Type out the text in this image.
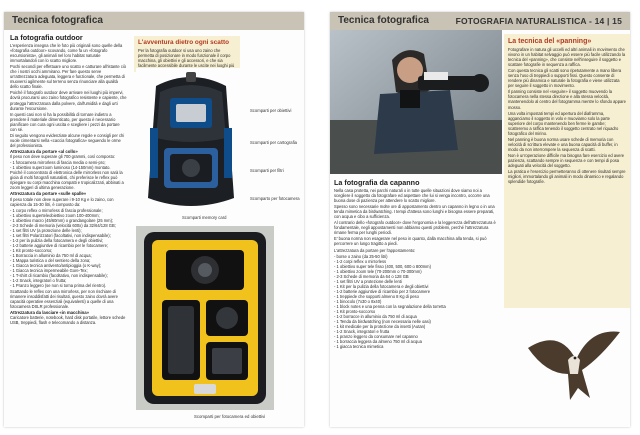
Tecnica fotografica
La fotografia outdoor

L'esperienza insegna che le foto più originali sono quelle della «fotografia outdoor» scovando, come fa un «fotografo escursionista», gli animali nel loro habitat naturale immortalandoli con lo scatto migliore.

Pochi secondi per effettuare uno scatto e catturare all'istante ciò che i nostri occhi ammirano. Per fare questo serve un'attrezzatura adeguata, leggera e funzionale, che permetta di muoversi agilmente sul terreno senza rinunciare alla qualità dello scatto finale.

Poiché il fotografo outdoor deve arrivare nei luoghi più impervi, dovrà procurarsi uno zaino fotografico resistente e capiente, che protegga l'attrezzatura dalla polvere, dall'umidità e dagli urti durante l'escursione.

In questi casi non si ha la possibilità di tornare indietro a prendere il materiale dimenticato, per questo è necessario pianificare con cura ogni uscita e scegliere i pezzi da portare con sé.

Di seguito vengono evidenziate alcune regole e consigli per chi vuole cimentarsi nella «caccia fotografica» seguendo le orme del professionista.

Attrezzatura da portare «al collo»

Il peso non deve superare gli 700 grammi, così composto:

- 1 fotocamera mirrorless di fascia media o semi-pro;
- 1 obiettivo superzoom luminoso (14-150mm) montato.

Poiché il concentrato di elettronica delle mirrorless non sarà la gioia di molti fotografi naturalisti, chi preferisce le reflex può ripiegare su corpi macchina compatti e tropicalizzati, abbinati a zoom leggeri di ultima generazione.

Attrezzatura da portare «sulle spalle»

Il peso totale non deve superare i 9-10 Kg e lo zaino, con capienza da 15-30 litri, è composto da:

- 1 corpo reflex o mirrorless di fascia professionale;
- 1 obiettivo superteleobiettivo zoom 100-400mm;
- 1 obiettivo macro (45/60mm) o grandangolare (25 mm);
- 2-3 Schede di memoria (velocità 600x) da 32/64/128 GB;
- 1 set filtri UV (a protezione delle lenti);
- 1 set filtri Polarizzatori (facoltativi, non indispensabile);
- 1-2 per la pulizia della fotocamera e degli obiettivi;
- 1-2 batterie aggiuntive di ricambio per le fotocamere;
- 1 Kit pronto-soccorso;
- 1 Borraccia in alluminio da 750 ml di acqua;
- 1 Mappa turistica o del sentiero della zona;
- 1 Giacca tecnica antivento/antipioggia (o K-way);
- 1 Giacca tecnica impermeabile Gore-Tex;
- 1 T-shirt di ricambio (facoltativo, non indispensabile);
- 1-2 Snack, integratori o frutta;
- 1 Pranzo leggero (se non si torna prima del rientro).

Scattando le reflex con una mirrorless, per non rischiare di rimanere insoddisfatti dei risultati, questo zaino dovrà avere capacità operative essenziali (equivalenti) a quelle di una fotocamera DSLR professionale.

Attrezzatura da lasciare «in macchina»

Caricatore batterie, notebook, hard disk portatile, lettore schede USB, treppiedi, flash e telecomando a distanza.

L'avventura dietro ogni scatto
Per la fotografia outdoor si usa uno zaino che permetta di posizionare in modo funzionale il corpo macchina, gli obiettivi e gli accessori, e che sia facilmente accessibile durante le uscite nei luoghi più
Scomparti per obiettivi
Scomparti per cartografia
Scomparti per filtri
Scomparto per fotocamera
Scomparti memory card
Scomparti per fotocamera ed obiettivi
Tecnica fotografica	FOTOGRAFIA NATURALISTICA - 14 | 15
La fotografia da capanno

Nella casa protetta, nei parchi naturali o in tutte quelle situazioni dove siamo noi a scegliere il soggetto da fotografare ed aspettare che lui si venga incontro, occorre una buona dose di pazienza per attendere lo scatto migliore.

Spesso sono necessarie molte ore di appostamento dentro un capanno in legno o in una tenda mimetica da birdwatching. I tempi d'attesa sono lunghi e bisogna essere preparati, con acqua e cibo a sufficienza.

Al contrario dello «fotografo outdoor» dove l'ergonomia e la leggerezza dell'attrezzatura è fondamentale, negli appostamenti non abbiamo questi problemi, perché l'attrezzatura rimane ferma per lunghi periodi.

E' buona norma non esagerare nel peso in quanto, dalla macchina alla tenda, si può percorrere un lungo tragitto a piedi.

L'attrezzatura da portare per l'appostamento:

- borse o zaino (da 25-50 litri)
- 1-2 corpi reflex o mirrorless
- 1 obiettivo super tele fisso (400, 500, 600 o 800mm)
- 1 obiettivo zoom tele (70-200mm o 70-300mm)
- 2-3 Schede di memoria da 64 o 128 GB
- 1 set filtri UV a protezione delle lenti
- 1 Kit per la pulizia della fotocamera e degli obiettivi
- 1-2 batterie aggiuntive di ricambio per 2 fotocamere
- 1 treppiede che sopporti almeno 8 Kg di peso
- 1 binocolo (7x30 o 8x40)
- 1 block notes e una penna con la segnalazione della torretta
- 1 Kit pronto-soccorso
- 1-2 borracce in alluminio da 750 ml di acqua
- 1 Tenda da birdwatching (non necessaria nelle oasi)
- 1 kit medicale per la protezione da insetti (Autan)
- 1-2 Snack, integratori e frutta
- 1 pranzo leggero da consumare nel capanno
- 1 borraccia leggera da almeno 750 ml di acqua
- 1 giacca tecnica mimetica
La tecnica del «panning»

Fotografare in natura gli uccelli ed altri animali in movimento che vivono in un habitat selvaggio può essere più facile utilizzando la tecnica del «panning», che consiste nell'inseguire il soggetto e scattare fotografie in sequenza a raffica.

Con questa tecnica gli scatti sono ripetutamente a mano libera senza l'uso di treppiedi o supporti fissi. Questo consente di rendere più dinamica e naturale la fotografia e viene utilizzata per seguire il soggetto in movimento.

Il panning consiste nel «seguire» il soggetto muovendo la fotocamera nella stessa direzione e alla stessa velocità, mantenendolo al centro del fotogramma mentre lo sfondo appare mosso.

Una volta impostati tempi ed apertura del diaframma, agganciamo il soggetto in volo e muoviamo solo la parte superiore del corpo mantenendo ben ferme le gambe; scatteremo a raffica tenendo il soggetto centrato nel riquadro fotografico del mirino.

Nel panning è buona norma usare schede di memoria con velocità di scrittura elevate e una buona capacità di buffer, in modo da non interrompere la sequenza di scatti.

Non è un'operazione difficile ma bisogna fare esercizio ed avere pazienza, scattando sempre in sequenza e con tempi di posa adeguati alla velocità del soggetto.

La pratica e l'esercizio permetteranno di ottenere risultati sempre migliori, immortalando gli animali in modo dinamico e regalando splendide fotografie.
